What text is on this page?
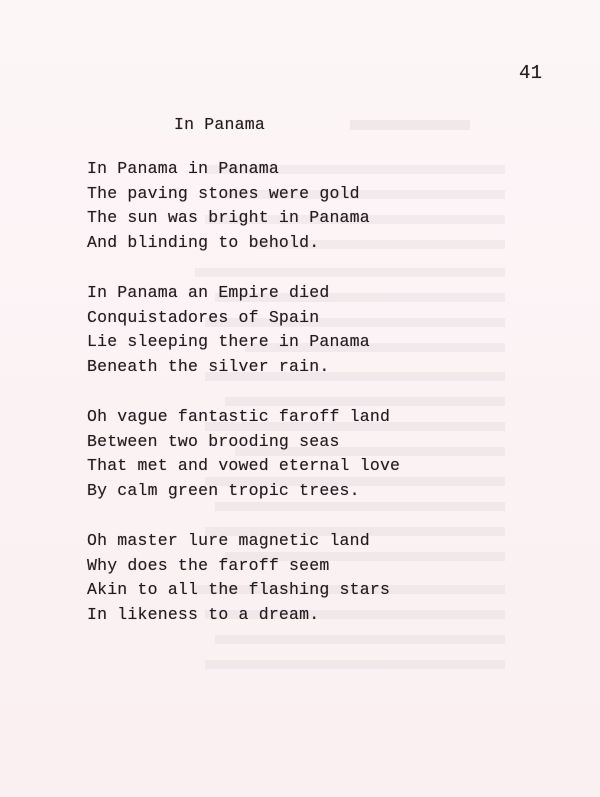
41
In Panama
In Panama in Panama
The paving stones were gold
The sun was bright in Panama
And blinding to behold.
In Panama an Empire died
Conquistadores of Spain
Lie sleeping there in Panama
Beneath the silver rain.
Oh vague fantastic faroff land
Between two brooding seas
That met and vowed eternal love
By calm green tropic trees.
Oh master lure magnetic land
Why does the faroff seem
Akin to all the flashing stars
In likeness to a dream.
